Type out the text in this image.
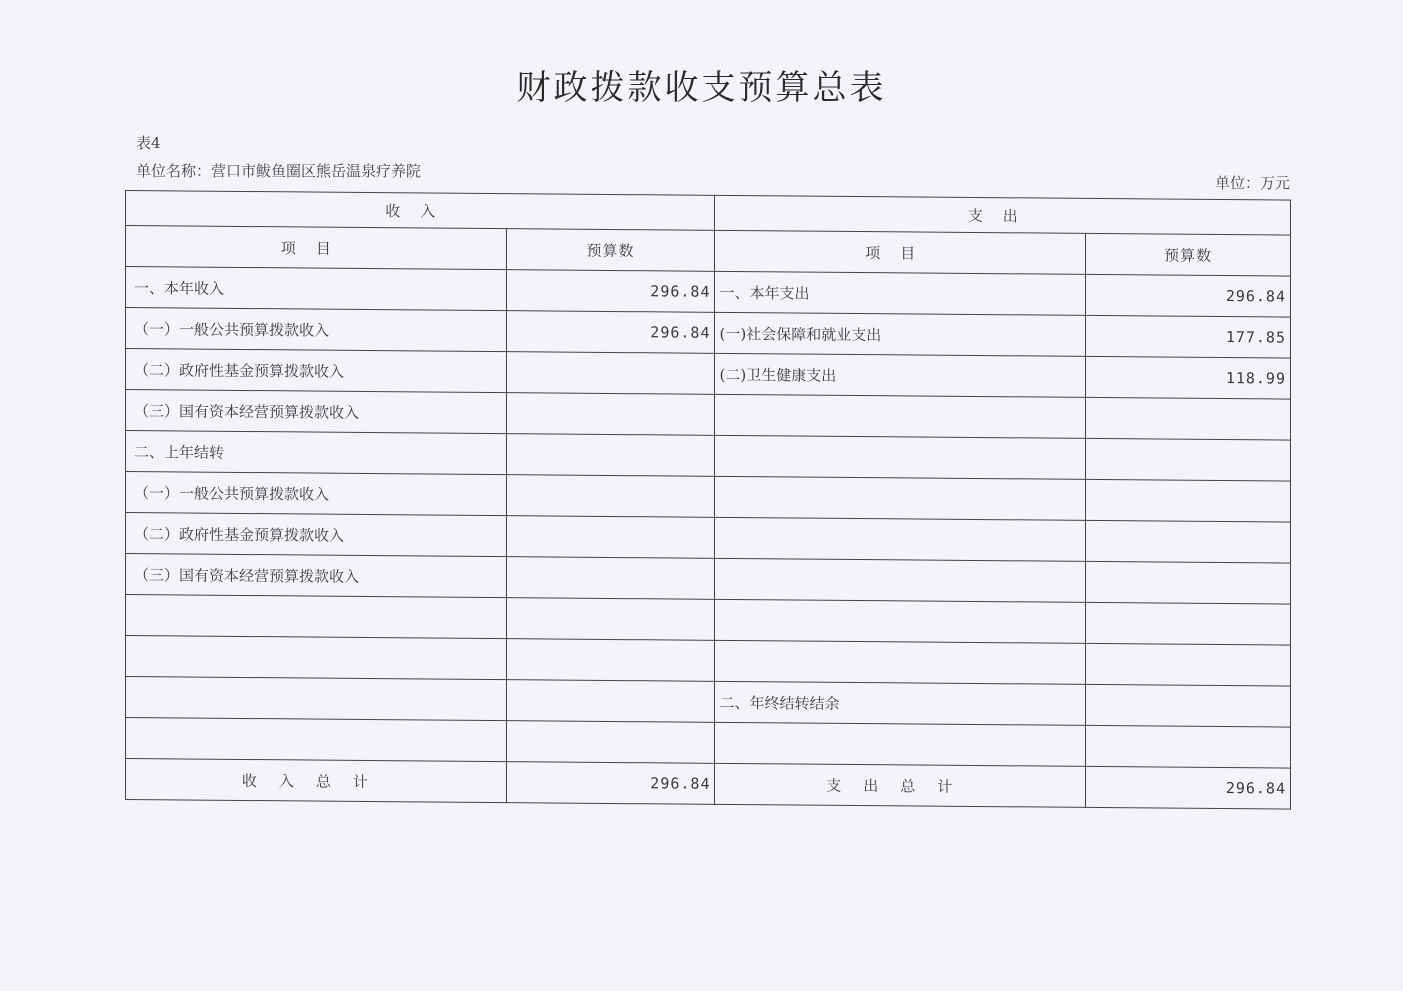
财政拨款收支预算总表
表4
单位名称：营口市鲅鱼圈区熊岳温泉疗养院
单位：万元
收入		支出	
项目	预算数	项目	预算数
一、本年收入	296.84	一、本年支出	296.84
（一）一般公共预算拨款收入	296.84	(一)社会保障和就业支出	177.85
（二）政府性基金预算拨款收入		(二)卫生健康支出	118.99
（三）国有资本经营预算拨款收入			
二、上年结转			
（一）一般公共预算拨款收入			
（二）政府性基金预算拨款收入			
（三）国有资本经营预算拨款收入			

		二、年终结转结余	

收入总计	296.84	支出总计	296.84
